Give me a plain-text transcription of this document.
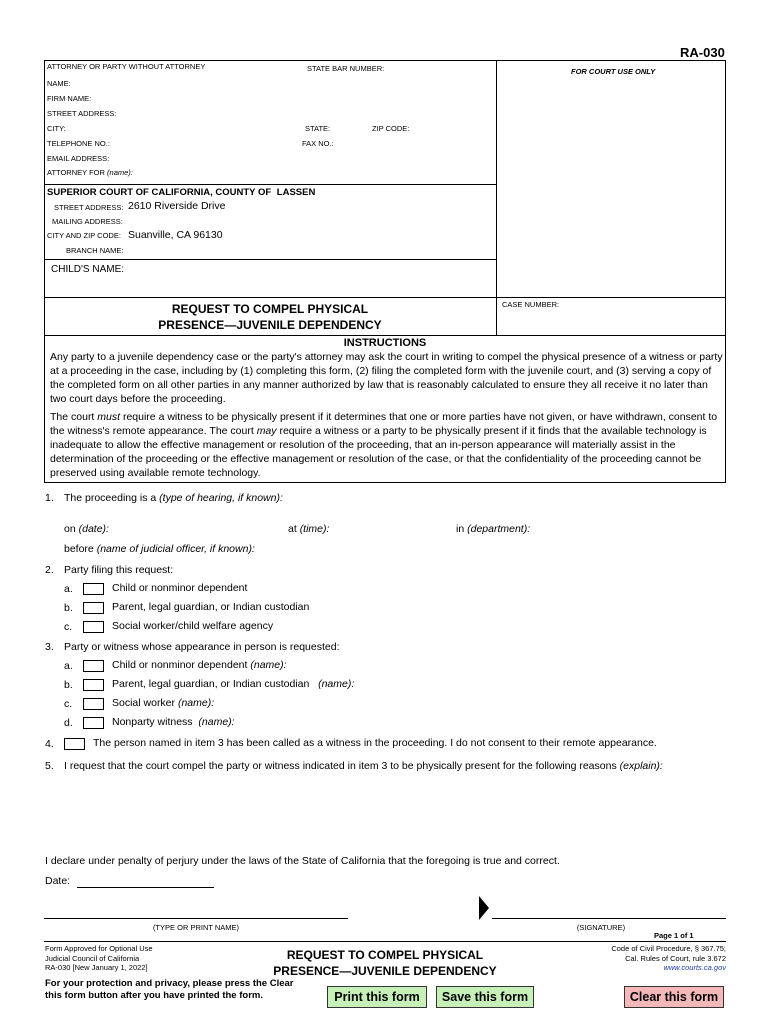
RA-030
ATTORNEY OR PARTY WITHOUT ATTORNEY	STATE BAR NUMBER:	FOR COURT USE ONLY
NAME:
FIRM NAME:
STREET ADDRESS:
CITY:	STATE:	ZIP CODE:
TELEPHONE NO.:	FAX NO.:
EMAIL ADDRESS:
ATTORNEY FOR (name):
SUPERIOR COURT OF CALIFORNIA, COUNTY OF LASSEN
STREET ADDRESS: 2610 Riverside Drive
MAILING ADDRESS:
CITY AND ZIP CODE: Suanville, CA 96130
BRANCH NAME:
CHILD'S NAME:
REQUEST TO COMPEL PHYSICAL
PRESENCE—JUVENILE DEPENDENCY
CASE NUMBER:
INSTRUCTIONS

Any party to a juvenile dependency case or the party's attorney may ask the court in writing to compel the physical presence of a witness or party at a proceeding in the case, including by (1) completing this form, (2) filing the completed form with the juvenile court, and (3) serving a copy of the completed form on all other parties in any manner authorized by law that is reasonably calculated to ensure they all receive it no later than two court days before the proceeding.

The court must require a witness to be physically present if it determines that one or more parties have not given, or have withdrawn, consent to the witness's remote appearance. The court may require a witness or a party to be physically present if it finds that the available technology is inadequate to allow the effective management or resolution of the proceeding, that an in-person appearance will materially assist in the determination of the proceeding or the effective management or resolution of the case, or that the confidentiality of the proceeding cannot be preserved using available remote technology.

1. The proceeding is a (type of hearing, if known):
on (date):	at (time):	in (department):
before (name of judicial officer, if known):
2. Party filing this request:
a.	Child or nonminor dependent
b.	Parent, legal guardian, or Indian custodian
c.	Social worker/child welfare agency
3. Party or witness whose appearance in person is requested:
a.	Child or nonminor dependent (name):
b.	Parent, legal guardian, or Indian custodian (name):
c.	Social worker (name):
d.	Nonparty witness (name):
4.	The person named in item 3 has been called as a witness in the proceeding. I do not consent to their remote appearance.
5. I request that the court compel the party or witness indicated in item 3 to be physically present for the following reasons (explain):
I declare under penalty of perjury under the laws of the State of California that the foregoing is true and correct.
Date:
(TYPE OR PRINT NAME)	(SIGNATURE)
Page 1 of 1
Form Approved for Optional Use
Judicial Council of California
RA-030 [New January 1, 2022]
REQUEST TO COMPEL PHYSICAL
PRESENCE—JUVENILE DEPENDENCY
Code of Civil Procedure, § 367.75;
Cal. Rules of Court, rule 3.672
www.courts.ca.gov
For your protection and privacy, please press the Clear
this form button after you have printed the form.	Print this form	Save this form	Clear this form
